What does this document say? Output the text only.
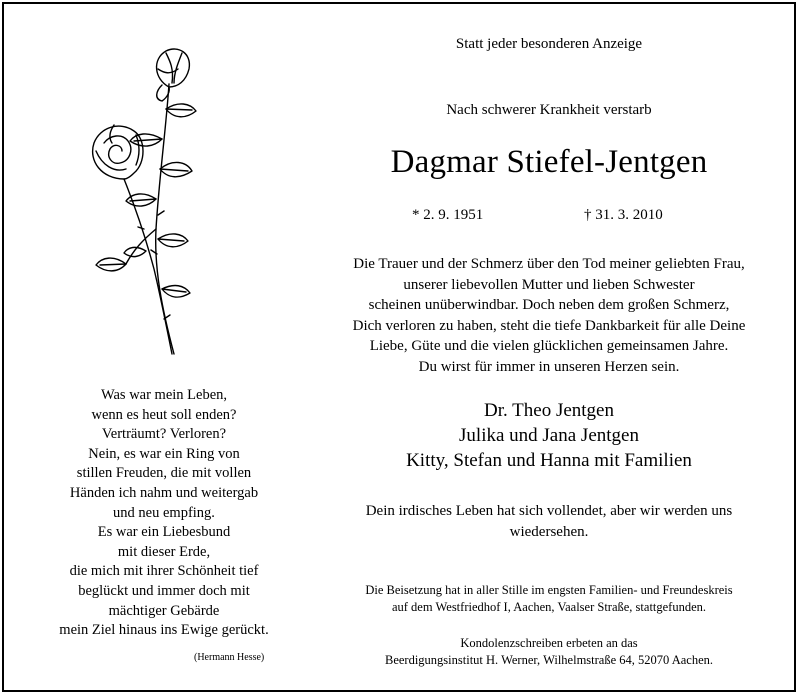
Statt jeder besonderen Anzeige
Nach schwerer Krankheit verstarb
Dagmar Stiefel-Jentgen
* 2. 9. 1951	† 31. 3. 2010
Die Trauer und der Schmerz über den Tod meiner geliebten Frau,
unserer liebevollen Mutter und lieben Schwester
scheinen unüberwindbar. Doch neben dem großen Schmerz,
Dich verloren zu haben, steht die tiefe Dankbarkeit für alle Deine
Liebe, Güte und die vielen glücklichen gemeinsamen Jahre.
Du wirst für immer in unseren Herzen sein.
Dr. Theo Jentgen
Julika und Jana Jentgen
Kitty, Stefan und Hanna mit Familien
Dein irdisches Leben hat sich vollendet, aber wir werden uns
wiedersehen.
Die Beisetzung hat in aller Stille im engsten Familien- und Freundeskreis
auf dem Westfriedhof I, Aachen, Vaalser Straße, stattgefunden.
Kondolenzschreiben erbeten an das
Beerdigungsinstitut H. Werner, Wilhelmstraße 64, 52070 Aachen.
Was war mein Leben,
wenn es heut soll enden?
Verträumt? Verloren?
Nein, es war ein Ring von
stillen Freuden, die mit vollen
Händen ich nahm und weitergab
und neu empfing.
Es war ein Liebesbund
mit dieser Erde,
die mich mit ihrer Schönheit tief
beglückt und immer doch mit
mächtiger Gebärde
mein Ziel hinaus ins Ewige gerückt.
(Hermann Hesse)
